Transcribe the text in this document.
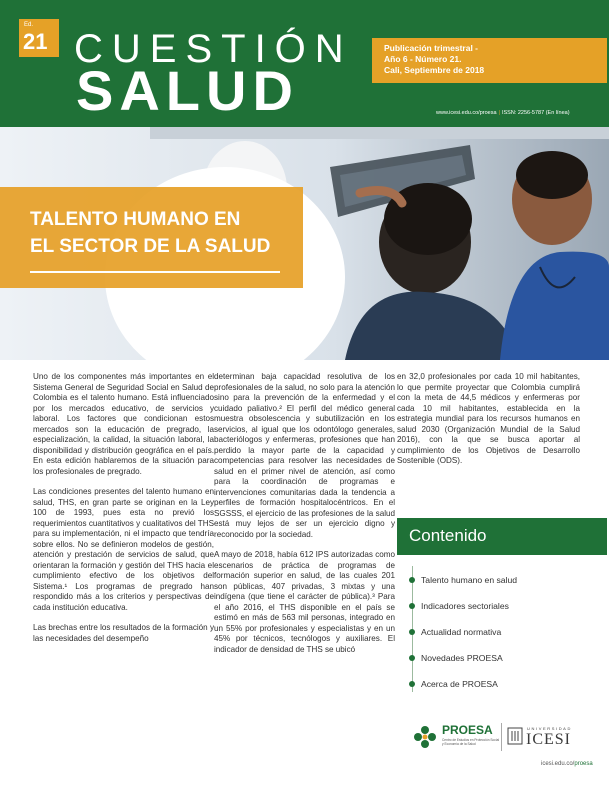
Ed.
21 CUESTIÓN
SALUD
Publicación trimestral -
Año 6 - Número 21.
Cali, Septiembre de 2018
www.icesi.edu.co/proesa | ISSN: 2256-5787 (En línea)
TALENTO HUMANO EN
EL SECTOR DE LA SALUD

Uno de los componentes más importantes en el Sistema General de Seguridad Social en Salud de Colombia es el talento humano. Está influenciado por los mercados educativo, de servicios y laboral. Los factores que condicionan estos mercados son la educación de pregrado, la especialización, la calidad, la situación laboral, la disponibilidad y distribución geográfica en el país. En esta edición hablaremos de la situación para los profesionales de pregrado.

Las condiciones presentes del talento humano en salud, THS, en gran parte se originan en la Ley 100 de 1993, pues esta no previó los requerimientos cuantitativos y cualitativos del THS para su implementación, ni el impacto que tendría sobre ellos. No se definieron modelos de gestión, atención y prestación de servicios de salud, que orientaran la formación y gestión del THS hacia el cumplimiento efectivo de los objetivos del Sistema.¹ Los programas de pregrado han respondido más a los criterios y perspectivas de cada institución educativa.

Las brechas entre los resultados de la formación y las necesidades del desempeño

determinan baja capacidad resolutiva de los profesionales de la salud, no solo para la atención sino para la prevención de la enfermedad y el cuidado paliativo.² El perfil del médico general muestra obsolescencia y subutilización en los servicios, al igual que los odontólogo generales, bacteriólogos y enfermeras, profesiones que han perdido la mayor parte de la capacidad y competencias para resolver las necesidades de salud en el primer nivel de atención, así como para la coordinación de programas e intervenciones comunitarias dada la tendencia a perfiles de formación hospitalocéntricos. En el SGSSS, el ejercicio de las profesiones de la salud está muy lejos de ser un ejercicio digno y reconocido por la sociedad.

A mayo de 2018, había 612 IPS autorizadas como escenarios de práctica de programas de formación superior en salud, de las cuales 201 son públicas, 407 privadas, 3 mixtas y una indígena (que tiene el carácter de pública).³ Para el año 2016, el THS disponible en el país se estimó en más de 563 mil personas, integrado en un 55% por profesionales y especialistas y en un 45% por técnicos, tecnólogos y auxiliares. El indicador de densidad de THS se ubicó

en 32,0 profesionales por cada 10 mil habitantes, lo que permite proyectar que Colombia cumplirá con la meta de 44,5 médicos y enfermeras por cada 10 mil habitantes, establecida en la estrategia mundial para los recursos humanos en salud 2030 (Organización Mundial de la Salud 2016), con la que se busca aportar al cumplimiento de los Objetivos de Desarrollo Sostenible (ODS).

Contenido
Talento humano en salud
Indicadores sectoriales
Actualidad normativa
Novedades PROESA
Acerca de PROESA
PROESA
Centro de Estudios en Protección Social y Economía de la Salud
UNIVERSIDAD
ICESI
icesi.edu.co/proesa
